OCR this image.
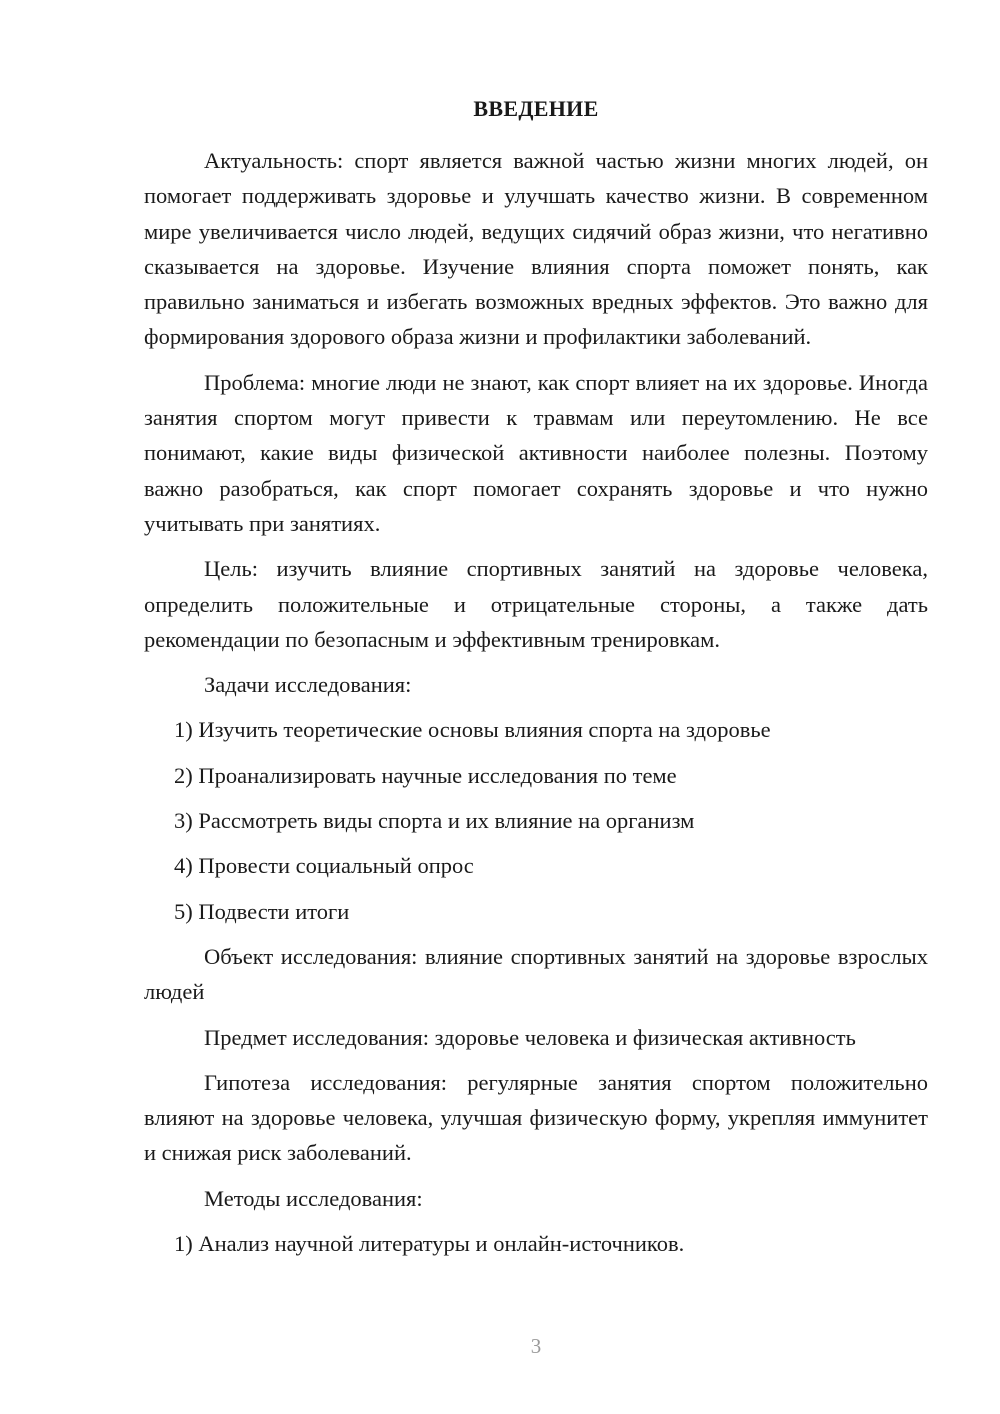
ВВЕДЕНИЕ

Актуальность: спорт является важной частью жизни многих людей, он помогает поддерживать здоровье и улучшать качество жизни. В современном мире увеличивается число людей, ведущих сидячий образ жизни, что негативно сказывается на здоровье. Изучение влияния спорта поможет понять, как правильно заниматься и избегать возможных вредных эффектов. Это важно для формирования здорового образа жизни и профилактики заболеваний.

Проблема: многие люди не знают, как спорт влияет на их здоровье. Иногда занятия спортом могут привести к травмам или переутомлению. Не все понимают, какие виды физической активности наиболее полезны. Поэтому важно разобраться, как спорт помогает сохранять здоровье и что нужно учитывать при занятиях.

Цель: изучить влияние спортивных занятий на здоровье человека, определить положительные и отрицательные стороны, а также дать рекомендации по безопасным и эффективным тренировкам.

Задачи исследования:

1) Изучить теоретические основы влияния спорта на здоровье
2) Проанализировать научные исследования по теме
3) Рассмотреть виды спорта и их влияние на организм
4) Провести социальный опрос
5) Подвести итоги

Объект исследования: влияние спортивных занятий на здоровье взрослых людей

Предмет исследования: здоровье человека и физическая активность

Гипотеза исследования: регулярные занятия спортом положительно влияют на здоровье человека, улучшая физическую форму, укрепляя иммунитет и снижая риск заболеваний.

Методы исследования:

1) Анализ научной литературы и онлайн-источников.
3
